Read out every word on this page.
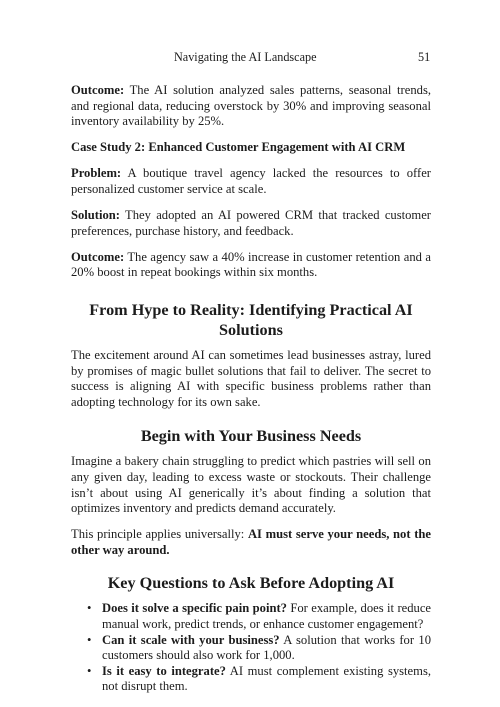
Navigating the AI Landscape	51

Outcome: The AI solution analyzed sales patterns, seasonal trends, and regional data, reducing overstock by 30% and improving seasonal inventory availability by 25%.

Case Study 2: Enhanced Customer Engagement with AI CRM

Problem: A boutique travel agency lacked the resources to offer personalized customer service at scale.

Solution: They adopted an AI powered CRM that tracked customer preferences, purchase history, and feedback.

Outcome: The agency saw a 40% increase in customer retention and a 20% boost in repeat bookings within six months.

From Hype to Reality: Identifying Practical AI Solutions

The excitement around AI can sometimes lead businesses astray, lured by promises of magic bullet solutions that fail to deliver. The secret to success is aligning AI with specific business problems rather than adopting technology for its own sake.

Begin with Your Business Needs

Imagine a bakery chain struggling to predict which pastries will sell on any given day, leading to excess waste or stockouts. Their challenge isn’t about using AI generically it’s about finding a solution that optimizes inventory and predicts demand accurately.

This principle applies universally: AI must serve your needs, not the other way around.

Key Questions to Ask Before Adopting AI
• Does it solve a specific pain point? For example, does it reduce manual work, predict trends, or enhance customer engagement?
• Can it scale with your business? A solution that works for 10 customers should also work for 1,000.
• Is it easy to integrate? AI must complement existing systems, not disrupt them.
